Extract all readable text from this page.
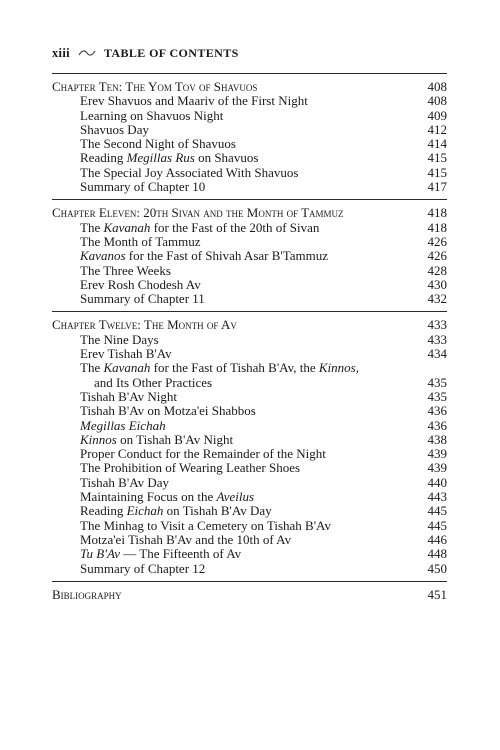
xiii	TABLE OF CONTENTS
Chapter Ten: The Yom Tov of Shavuos	408
Erev Shavuos and Maariv of the First Night	408
Learning on Shavuos Night	409
Shavuos Day	412
The Second Night of Shavuos	414
Reading Megillas Rus on Shavuos	415
The Special Joy Associated With Shavuos	415
Summary of Chapter 10	417
Chapter Eleven: 20th Sivan and the Month of Tammuz	418
The Kavanah for the Fast of the 20th of Sivan	418
The Month of Tammuz	426
Kavanos for the Fast of Shivah Asar B'Tammuz	426
The Three Weeks	428
Erev Rosh Chodesh Av	430
Summary of Chapter 11	432
Chapter Twelve: The Month of Av	433
The Nine Days	433
Erev Tishah B'Av	434
The Kavanah for the Fast of Tishah B'Av, the Kinnos,
and Its Other Practices	435
Tishah B'Av Night	435
Tishah B'Av on Motza'ei Shabbos	436
Megillas Eichah	436
Kinnos on Tishah B'Av Night	438
Proper Conduct for the Remainder of the Night	439
The Prohibition of Wearing Leather Shoes	439
Tishah B'Av Day	440
Maintaining Focus on the Aveilus	443
Reading Eichah on Tishah B'Av Day	445
The Minhag to Visit a Cemetery on Tishah B'Av	445
Motza'ei Tishah B'Av and the 10th of Av	446
Tu B'Av — The Fifteenth of Av	448
Summary of Chapter 12	450
Bibliography	451
